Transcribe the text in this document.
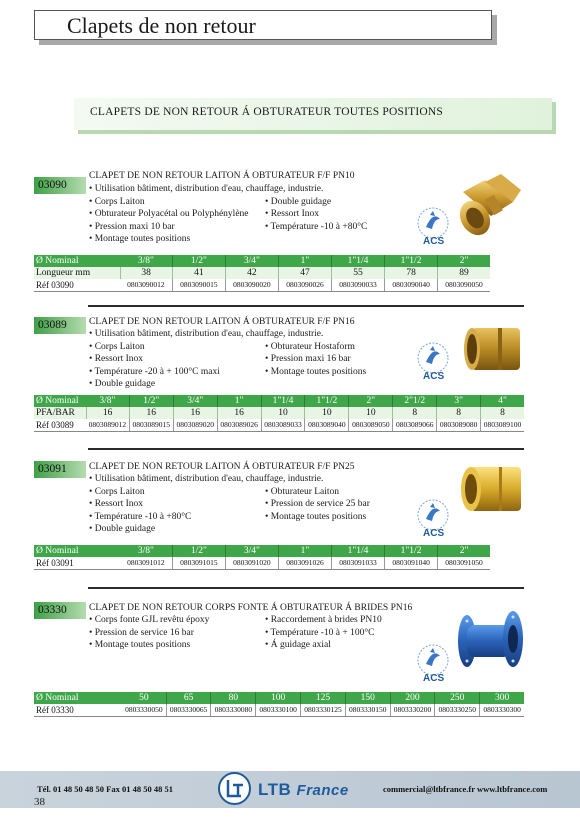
Clapets de non retour
CLAPETS DE NON RETOUR Á OBTURATEUR TOUTES POSITIONS
03090
CLAPET DE NON RETOUR LAITON Á OBTURATEUR F/F PN10
• Utilisation bâtiment, distribution d'eau, chauffage, industrie.
• Corps Laiton
• Obturateur Polyacétal ou Polyphénylène
• Pression maxi 10 bar
• Montage toutes positions
• Double guidage
• Ressort Inox
• Température -10 à +80°C
ACS
Ø Nominal	3/8"	1/2"	3/4"	1"	1"1/4	1"1/2	2"
Longueur mm	38	41	42	47	55	78	89
Réf 03090	0803090012	0803090015	0803090020	0803090026	0803090033	0803090040	0803090050
03089	CLAPET DE NON RETOUR LAITON Á OBTURATEUR F/F PN16
• Utilisation bâtiment, distribution d'eau, chauffage, industrie.
• Corps Laiton
• Ressort Inox
• Température -20 à + 100°C maxi
• Double guidage
• Obturateur Hostaform
• Pression maxi 16 bar
• Montage toutes positions	ACS
Ø Nominal	3/8"	1/2"	3/4"	1"	1"1/4	1"1/2	2"	2"1/2	3"	4"
PFA/BAR	16	16	16	16	10	10	10	8	8	8
Réf 03089	0803089012	0803089015	0803089020	0803089026	0803089033	0803089040	0803089050	0803089066	0803089080	0803089100
03091	CLAPET DE NON RETOUR LAITON Á OBTURATEUR F/F PN25
• Utilisation bâtiment, distribution d'eau, chauffage, industrie.
• Corps Laiton
• Ressort Inox
• Température -10 à +80°C
• Double guidage
• Obturateur Laiton
• Pression de service 25 bar
• Montage toutes positions
ACS
Ø Nominal	3/8"	1/2"	3/4"	1"	1"1/4	1"1/2	2"
Réf 03091	0803091012	0803091015	0803091020	0803091026	0803091033	0803091040	0803091050
03330	CLAPET DE NON RETOUR CORPS FONTE Á OBTURATEUR Á BRIDES PN16
• Corps fonte GJL revêtu époxy
• Pression de service 16 bar
• Montage toutes positions
• Raccordement à brides PN10
• Température -10 à + 100°C
• Á guidage axial
ACS
Ø Nominal	50	65	80	100	125	150	200	250	300
Réf 03330	0803330050	0803330065	0803330080	0803330100	0803330125	0803330150	0803330200	0803330250	0803330300
Tél. 01 48 50 48 50 Fax 01 48 50 48 51
38
LTB France	commercial@ltbfrance.fr www.ltbfrance.com
